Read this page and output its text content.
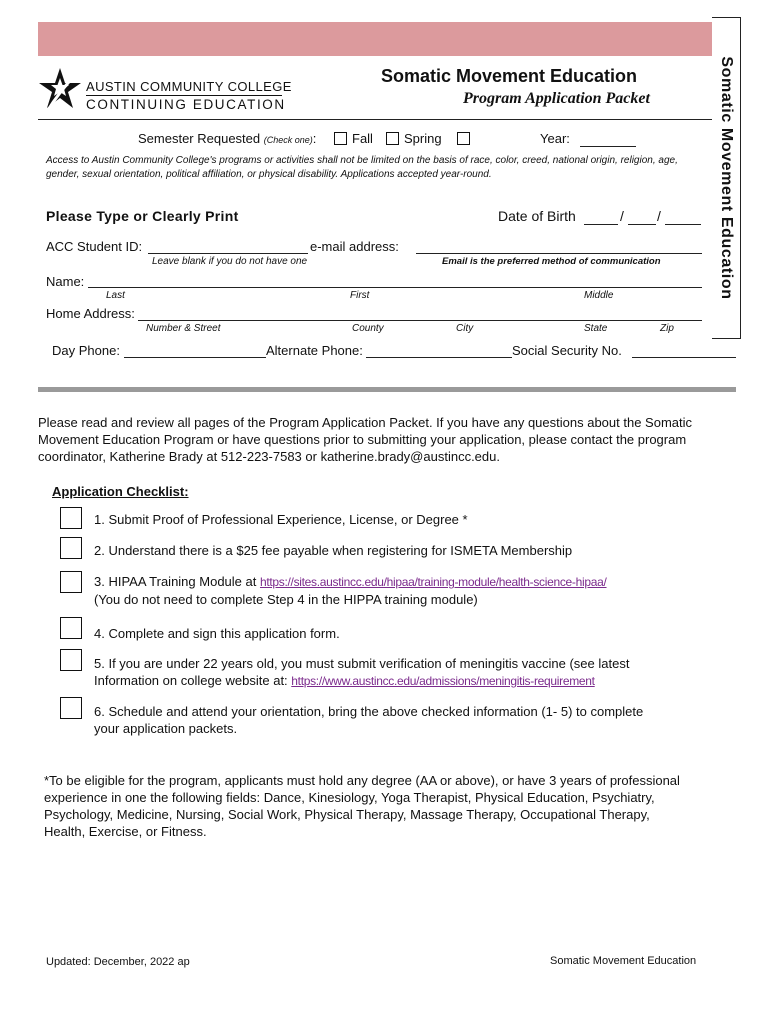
Somatic Movement Education
AUSTIN COMMUNITY COLLEGE
CONTINUING EDUCATION
Somatic Movement Education
Program Application Packet
Semester Requested (Check one):	Fall Spring	Year:
Access to Austin Community College's programs or activities shall not be limited on the basis of race, color, creed, national origin, religion, age, gender, sexual orientation, political affiliation, or physical disability. Applications accepted year-round.
Please Type or Clearly Print	Date of Birth	/ /
ACC Student ID:
Leave blank if you do not have one
e-mail address:
Email is the preferred method of communication
Name:
Last	First	Middle
Home Address:
Number & Street	County	City	State	Zip
Day Phone:	Alternate Phone:	Social Security No.
Please read and review all pages of the Program Application Packet. If you have any questions about the Somatic Movement Education Program or have questions prior to submitting your application, please contact the program coordinator, Katherine Brady at 512-223-7583 or katherine.brady@austincc.edu.
Application Checklist:
1. Submit Proof of Professional Experience, License, or Degree *
2. Understand there is a $25 fee payable when registering for ISMETA Membership
3. HIPAA Training Module at https://sites.austincc.edu/hipaa/training-module/health-science-hipaa/
(You do not need to complete Step 4 in the HIPPA training module)
4. Complete and sign this application form.
5. If you are under 22 years old, you must submit verification of meningitis vaccine (see latest
Information on college website at: https://www.austincc.edu/admissions/meningitis-requirement
6. Schedule and attend your orientation, bring the above checked information (1- 5) to complete
your application packets.
*To be eligible for the program, applicants must hold any degree (AA or above), or have 3 years of professional experience in one the following fields: Dance, Kinesiology, Yoga Therapist, Physical Education, Psychiatry, Psychology, Medicine, Nursing, Social Work, Physical Therapy, Massage Therapy, Occupational Therapy, Health, Exercise, or Fitness.
Updated: December, 2022 ap	Somatic Movement Education
